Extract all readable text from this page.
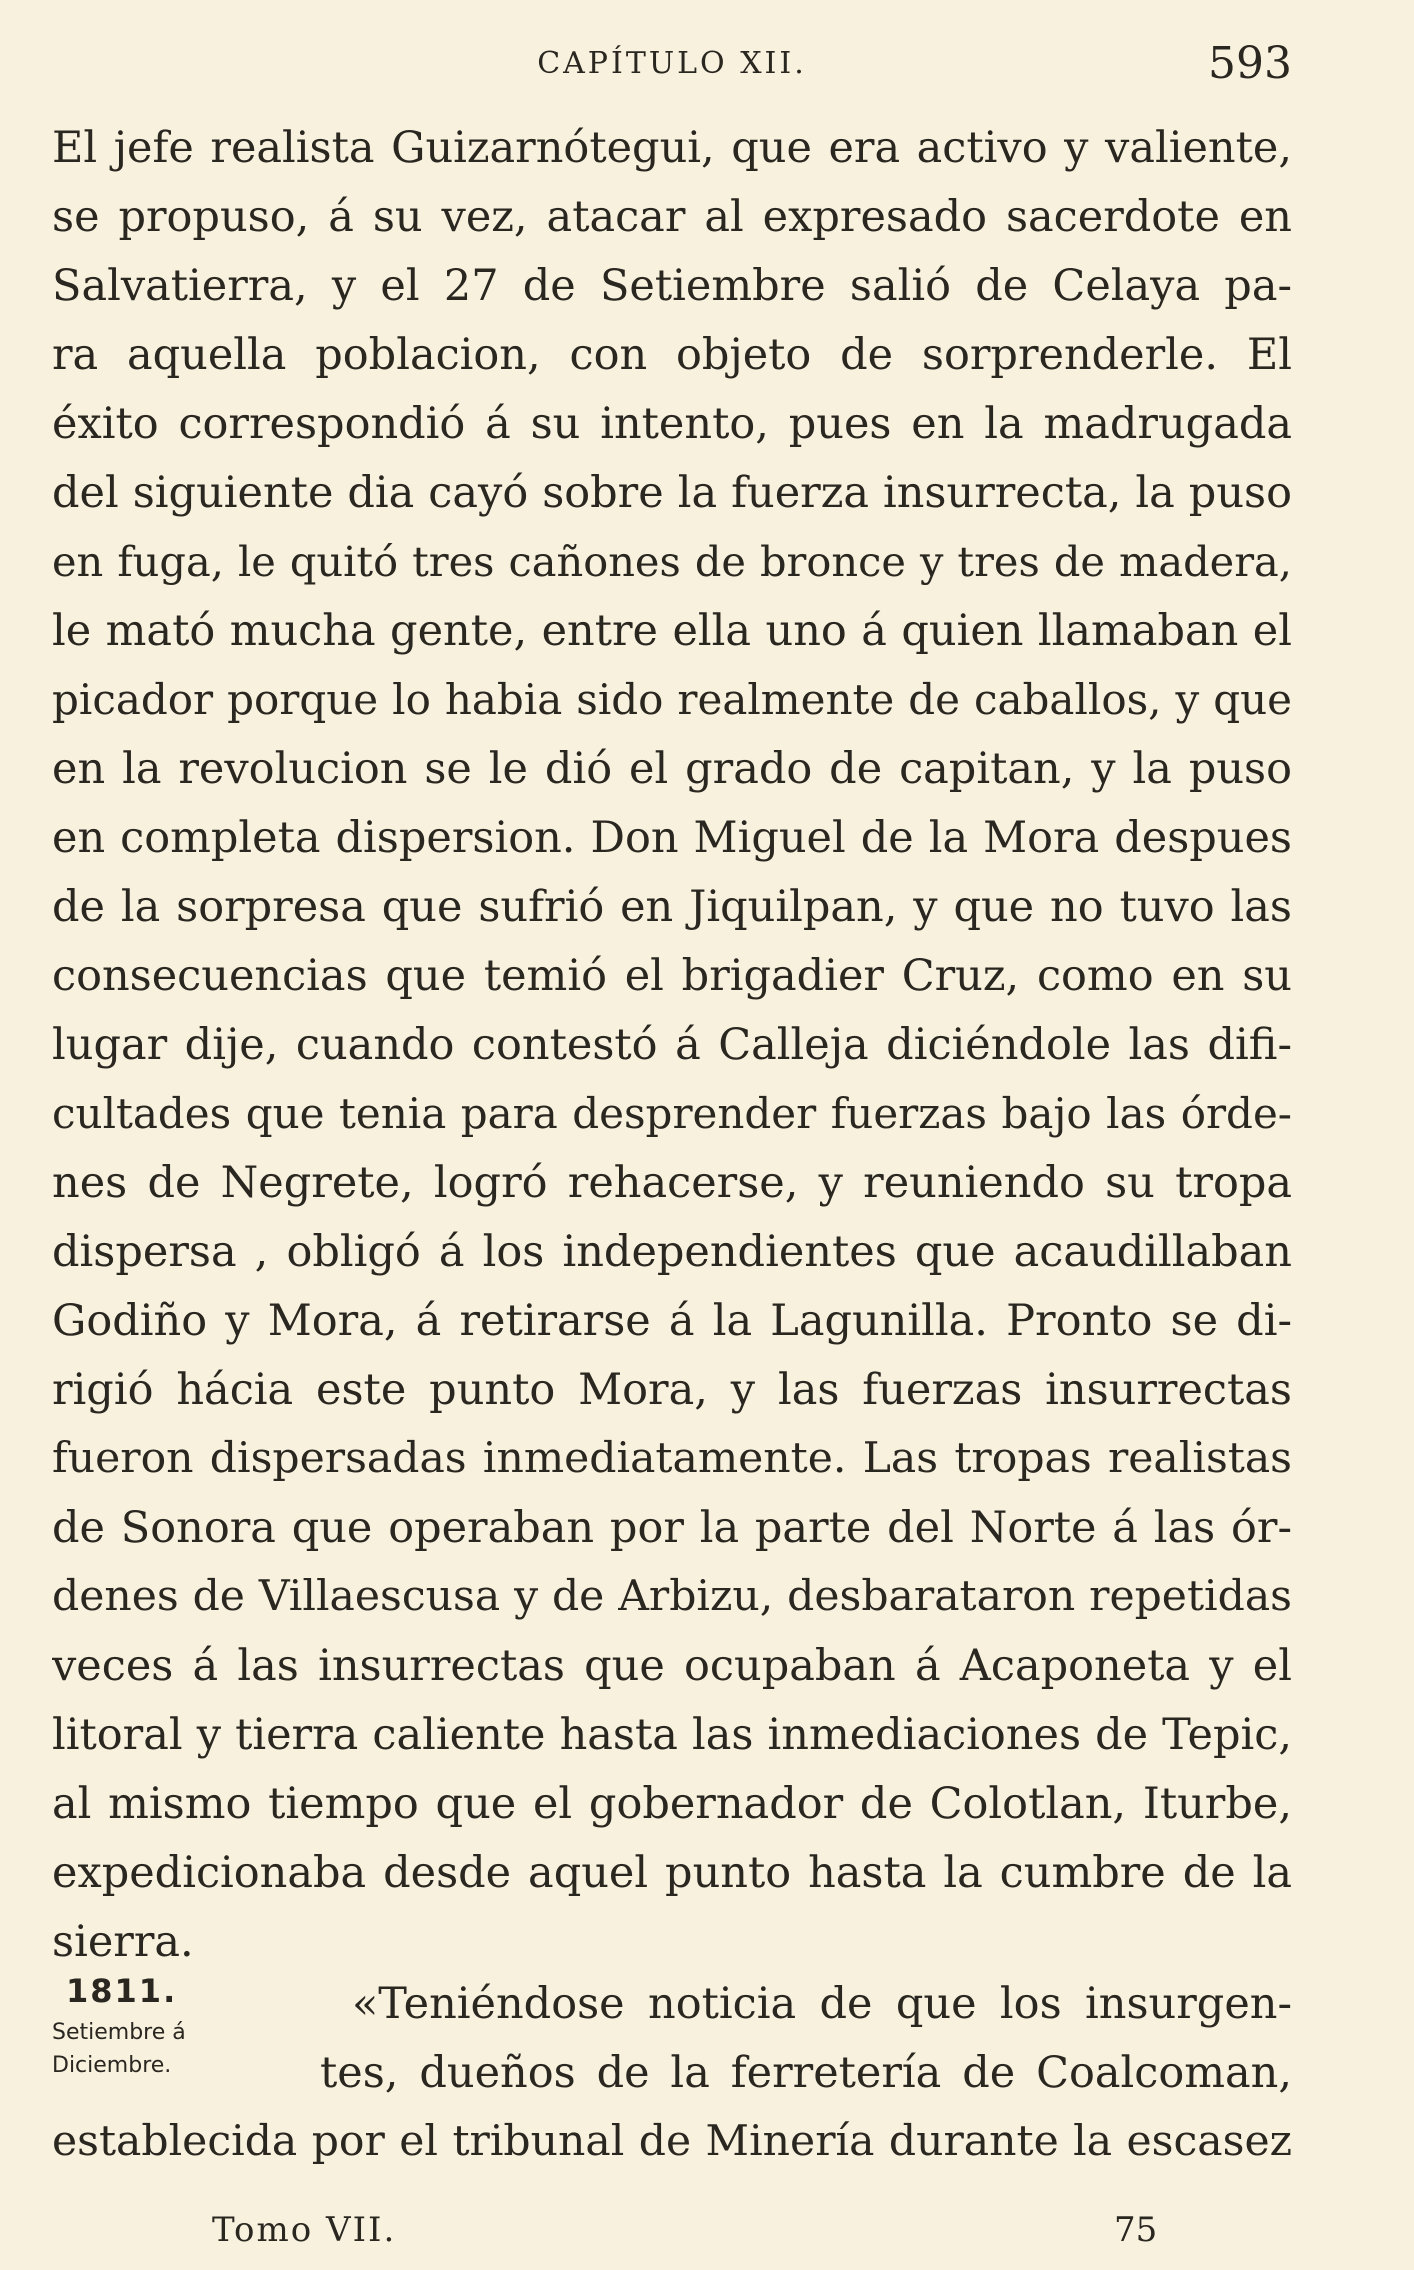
CAPÍTULO XII.	593
El jefe realista Guizarnótegui, que era activo y valiente,
se propuso, á su vez, atacar al expresado sacerdote en
Salvatierra, y el 27 de Setiembre salió de Celaya pa-
ra aquella poblacion, con objeto de sorprenderle. El
éxito correspondió á su intento, pues en la madrugada
del siguiente dia cayó sobre la fuerza insurrecta, la puso
en fuga, le quitó tres cañones de bronce y tres de madera,
le mató mucha gente, entre ella uno á quien llamaban el
picador porque lo habia sido realmente de caballos, y que
en la revolucion se le dió el grado de capitan, y la puso
en completa dispersion. Don Miguel de la Mora despues
de la sorpresa que sufrió en Jiquilpan, y que no tuvo las
consecuencias que temió el brigadier Cruz, como en su
lugar dije, cuando contestó á Calleja diciéndole las difi-
cultades que tenia para desprender fuerzas bajo las órde-
nes de Negrete, logró rehacerse, y reuniendo su tropa
dispersa , obligó á los independientes que acaudillaban
Godiño y Mora, á retirarse á la Lagunilla. Pronto se di-
rigió hácia este punto Mora, y las fuerzas insurrectas
fueron dispersadas inmediatamente. Las tropas realistas
de Sonora que operaban por la parte del Norte á las ór-
denes de Villaescusa y de Arbizu, desbarataron repetidas
veces á las insurrectas que ocupaban á Acaponeta y el
litoral y tierra caliente hasta las inmediaciones de Tepic,
al mismo tiempo que el gobernador de Colotlan, Iturbe,
expedicionaba desde aquel punto hasta la cumbre de la
sierra.
1811.
Setiembre á
Diciembre.
«Teniéndose noticia de que los insurgen-
tes, dueños de la ferretería de Coalcoman,
establecida por el tribunal de Minería durante la escasez
Tomo VII.	75
